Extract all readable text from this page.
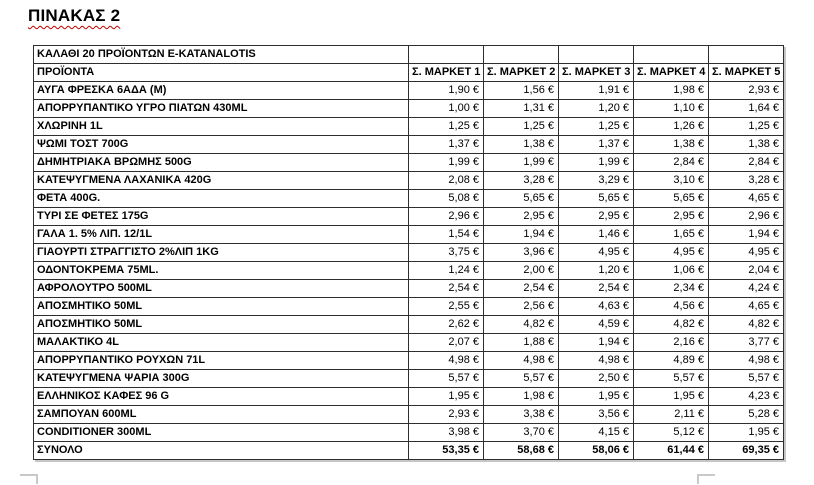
ΠΙΝΑΚΑΣ 2
ΚΑΛΑΘΙ 20 ΠΡΟΪΟΝΤΩΝ E-KATANALOTIS					
ΠΡΟΪΟΝΤΑ	Σ. ΜΑΡΚΕΤ 1	Σ. ΜΑΡΚΕΤ 2	Σ. ΜΑΡΚΕΤ 3	Σ. ΜΑΡΚΕΤ 4	Σ. ΜΑΡΚΕΤ 5
ΑΥΓΑ ΦΡΕΣΚΑ 6ΑΔΑ (Μ)	1,90 €	1,56 €	1,91 €	1,98 €	2,93 €
ΑΠΟΡΡΥΠΑΝΤΙΚΟ ΥΓΡΟ ΠΙΑΤΩΝ 430ML	1,00 €	1,31 €	1,20 €	1,10 €	1,64 €
ΧΛΩΡΙΝΗ 1L	1,25 €	1,25 €	1,25 €	1,26 €	1,25 €
ΨΩΜΙ ΤΟΣΤ 700G	1,37 €	1,38 €	1,37 €	1,38 €	1,38 €
ΔΗΜΗΤΡΙΑΚΑ ΒΡΩΜΗΣ 500G	1,99 €	1,99 €	1,99 €	2,84 €	2,84 €
ΚΑΤΕΨΥΓΜΕΝΑ ΛΑΧΑΝΙΚΑ 420G	2,08 €	3,28 €	3,29 €	3,10 €	3,28 €
ΦΕΤΑ 400G.	5,08 €	5,65 €	5,65 €	5,65 €	4,65 €
ΤΥΡΙ ΣΕ ΦΕΤΕΣ 175G	2,96 €	2,95 €	2,95 €	2,95 €	2,96 €
ΓΑΛΑ 1. 5% ΛΙΠ. 12/1L	1,54 €	1,94 €	1,46 €	1,65 €	1,94 €
ΓΙΑΟΥΡΤΙ ΣΤΡΑΓΓΙΣΤΟ 2%ΛΙΠ 1KG	3,75 €	3,96 €	4,95 €	4,95 €	4,95 €
ΟΔΟΝΤΟΚΡΕΜΑ 75ML.	1,24 €	2,00 €	1,20 €	1,06 €	2,04 €
ΑΦΡΟΛΟΥΤΡΟ 500ML	2,54 €	2,54 €	2,54 €	2,34 €	4,24 €
ΑΠΟΣΜΗΤΙΚΟ 50ML	2,55 €	2,56 €	4,63 €	4,56 €	4,65 €
ΑΠΟΣΜΗΤΙΚΟ 50ML	2,62 €	4,82 €	4,59 €	4,82 €	4,82 €
ΜΑΛΑΚΤΙΚΟ 4L	2,07 €	1,88 €	1,94 €	2,16 €	3,77 €
ΑΠΟΡΡΥΠΑΝΤΙΚΟ ΡΟΥΧΩΝ 71L	4,98 €	4,98 €	4,98 €	4,89 €	4,98 €
ΚΑΤΕΨΥΓΜΕΝΑ ΨΑΡΙΑ 300G	5,57 €	5,57 €	2,50 €	5,57 €	5,57 €
ΕΛΛΗΝΙΚΟΣ ΚΑΦΕΣ 96 G	1,95 €	1,98 €	1,95 €	1,95 €	4,23 €
ΣΑΜΠΟΥΑΝ 600ML	2,93 €	3,38 €	3,56 €	2,11 €	5,28 €
CONDITIONER 300ML	3,98 €	3,70 €	4,15 €	5,12 €	1,95 €
ΣΥΝΟΛΟ	53,35 €	58,68 €	58,06 €	61,44 €	69,35 €
